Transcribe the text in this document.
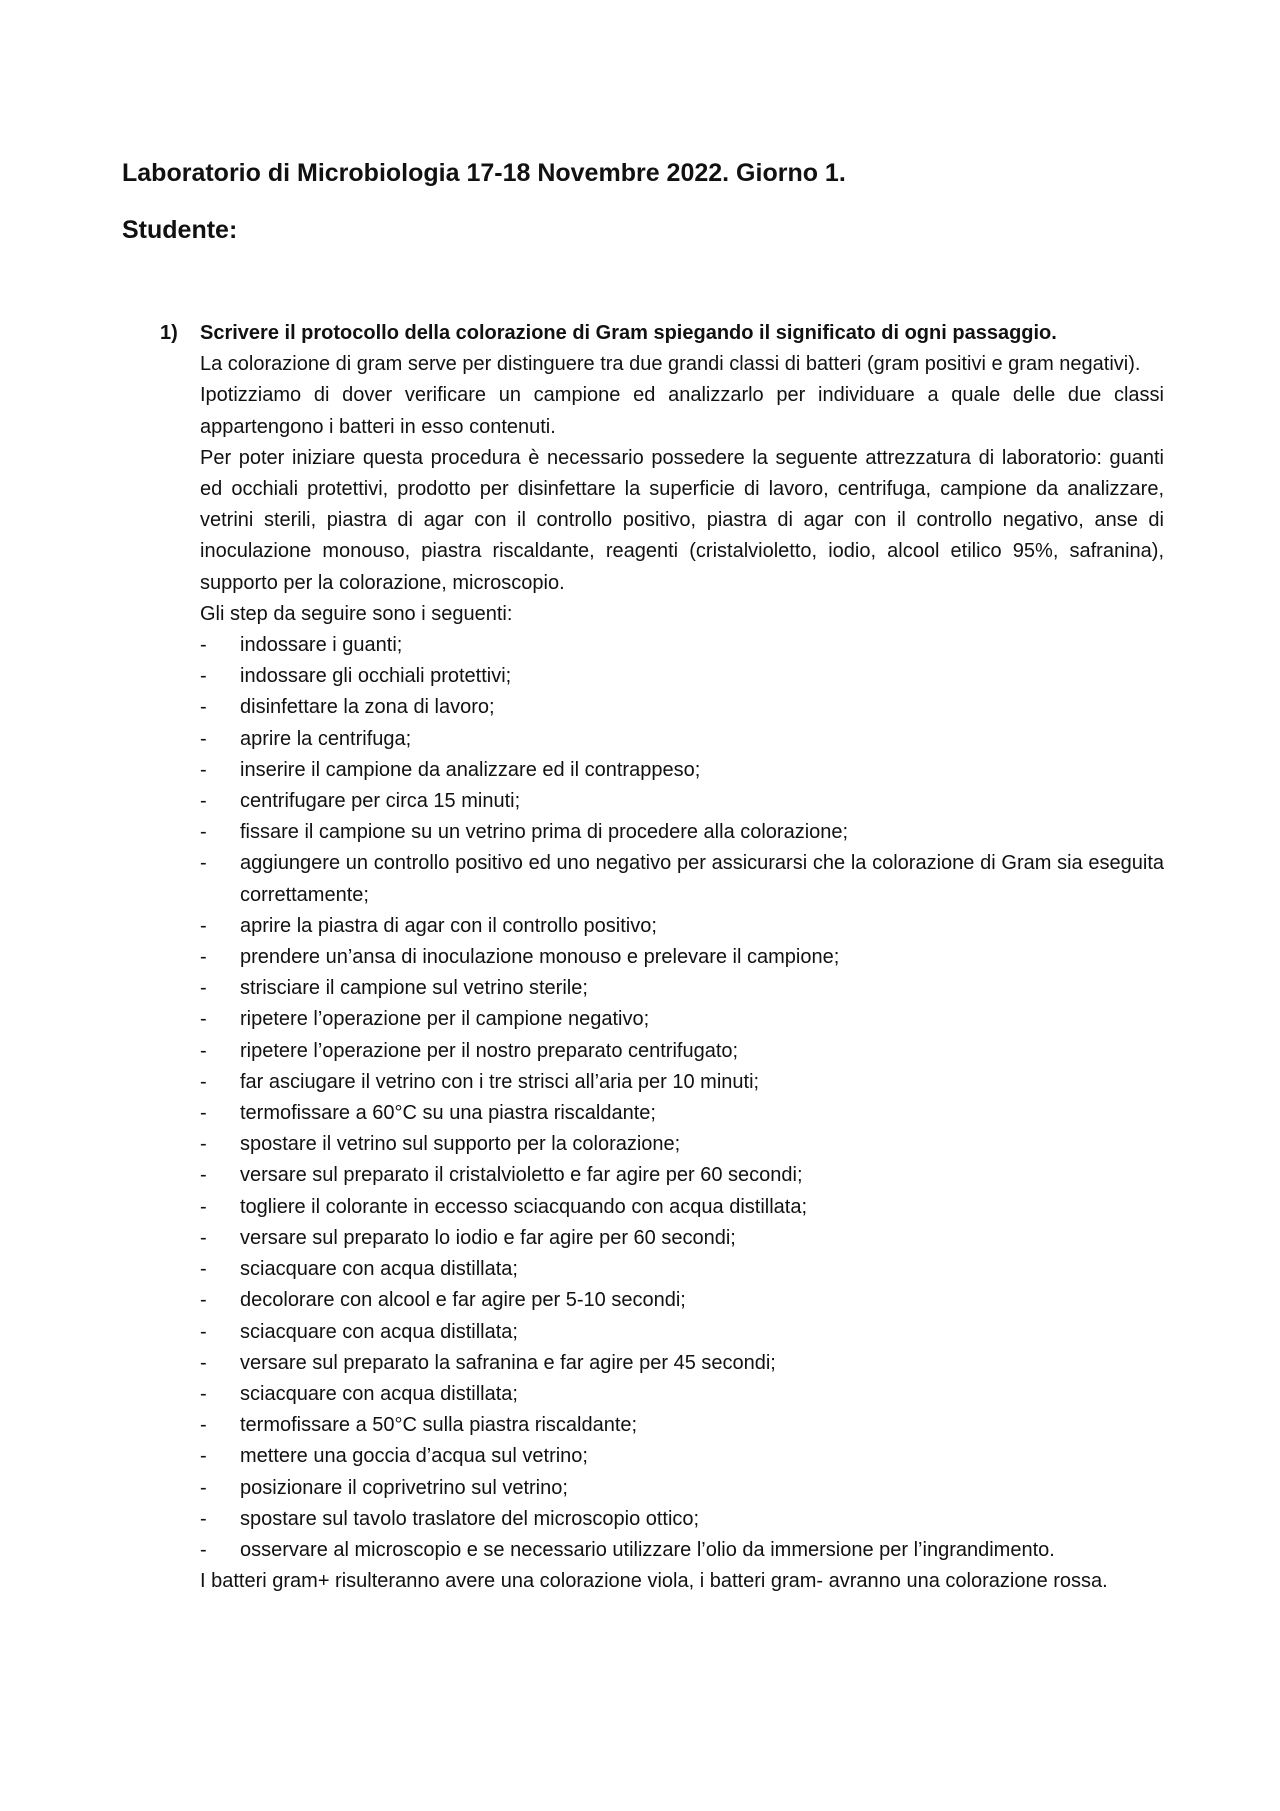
Laboratorio di Microbiologia 17-18 Novembre 2022. Giorno 1.
Studente:
1) Scrivere il protocollo della colorazione di Gram spiegando il significato di ogni passaggio.

La colorazione di gram serve per distinguere tra due grandi classi di batteri (gram positivi e gram negativi).

Ipotizziamo di dover verificare un campione ed analizzarlo per individuare a quale delle due classi appartengono i batteri in esso contenuti.

Per poter iniziare questa procedura è necessario possedere la seguente attrezzatura di laboratorio: guanti ed occhiali protettivi, prodotto per disinfettare la superficie di lavoro, centrifuga, campione da analizzare, vetrini sterili, piastra di agar con il controllo positivo, piastra di agar con il controllo negativo, anse di inoculazione monouso, piastra riscaldante, reagenti (cristalvioletto, iodio, alcool etilico 95%, safranina), supporto per la colorazione, microscopio.

Gli step da seguire sono i seguenti:

- indossare i guanti;
- indossare gli occhiali protettivi;
- disinfettare la zona di lavoro;
- aprire la centrifuga;
- inserire il campione da analizzare ed il contrappeso;
- centrifugare per circa 15 minuti;
- fissare il campione su un vetrino prima di procedere alla colorazione;
- aggiungere un controllo positivo ed uno negativo per assicurarsi che la colorazione di Gram sia eseguita correttamente;
- aprire la piastra di agar con il controllo positivo;
- prendere un’ansa di inoculazione monouso e prelevare il campione;
- strisciare il campione sul vetrino sterile;
- ripetere l’operazione per il campione negativo;
- ripetere l’operazione per il nostro preparato centrifugato;
- far asciugare il vetrino con i tre strisci all’aria per 10 minuti;
- termofissare a 60°C su una piastra riscaldante;
- spostare il vetrino sul supporto per la colorazione;
- versare sul preparato il cristalvioletto e far agire per 60 secondi;
- togliere il colorante in eccesso sciacquando con acqua distillata;
- versare sul preparato lo iodio e far agire per 60 secondi;
- sciacquare con acqua distillata;
- decolorare con alcool e far agire per 5-10 secondi;
- sciacquare con acqua distillata;
- versare sul preparato la safranina e far agire per 45 secondi;
- sciacquare con acqua distillata;
- termofissare a 50°C sulla piastra riscaldante;
- mettere una goccia d’acqua sul vetrino;
- posizionare il coprivetrino sul vetrino;
- spostare sul tavolo traslatore del microscopio ottico;
- osservare al microscopio e se necessario utilizzare l’olio da immersione per l’ingrandimento.

I batteri gram+ risulteranno avere una colorazione viola, i batteri gram- avranno una colorazione rossa.
